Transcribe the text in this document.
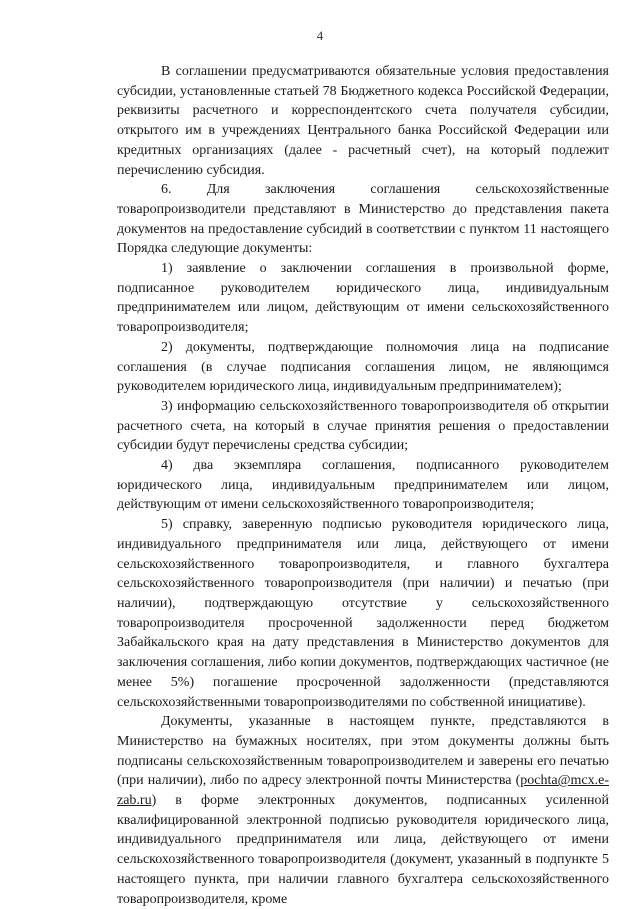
4

В соглашении предусматриваются обязательные условия предоставления субсидии, установленные статьей 78 Бюджетного кодекса Российской Федерации, реквизиты расчетного и корреспондентского счета получателя субсидии, открытого им в учреждениях Центрального банка Российской Федерации или кредитных организациях (далее - расчетный счет), на который подлежит перечислению субсидия.

6. Для заключения соглашения сельскохозяйственные товаропроизводители представляют в Министерство до представления пакета документов на предоставление субсидий в соответствии с пунктом 11 настоящего Порядка следующие документы:

1) заявление о заключении соглашения в произвольной форме, подписанное руководителем юридического лица, индивидуальным предпринимателем или лицом, действующим от имени сельскохозяйственного товаропроизводителя;

2) документы, подтверждающие полномочия лица на подписание соглашения (в случае подписания соглашения лицом, не являющимся руководителем юридического лица, индивидуальным предпринимателем);

3) информацию сельскохозяйственного товаропроизводителя об открытии расчетного счета, на который в случае принятия решения о предоставлении субсидии будут перечислены средства субсидии;

4) два экземпляра соглашения, подписанного руководителем юридического лица, индивидуальным предпринимателем или лицом, действующим от имени сельскохозяйственного товаропроизводителя;

5) справку, заверенную подписью руководителя юридического лица, индивидуального предпринимателя или лица, действующего от имени сельскохозяйственного товаропроизводителя, и главного бухгалтера сельскохозяйственного товаропроизводителя (при наличии) и печатью (при наличии), подтверждающую отсутствие у сельскохозяйственного товаропроизводителя просроченной задолженности перед бюджетом Забайкальского края на дату представления в Министерство документов для заключения соглашения, либо копии документов, подтверждающих частичное (не менее 5%) погашение просроченной задолженности (представляются сельскохозяйственными товаропроизводителями по собственной инициативе).

Документы, указанные в настоящем пункте, представляются в Министерство на бумажных носителях, при этом документы должны быть подписаны сельскохозяйственным товаропроизводителем и заверены его печатью (при наличии), либо по адресу электронной почты Министерства (pochta@mcx.e-zab.ru) в форме электронных документов, подписанных усиленной квалифицированной электронной подписью руководителя юридического лица, индивидуального предпринимателя или лица, действующего от имени сельскохозяйственного товаропроизводителя (документ, указанный в подпункте 5 настоящего пункта, при наличии главного бухгалтера сельскохозяйственного товаропроизводителя, кроме
